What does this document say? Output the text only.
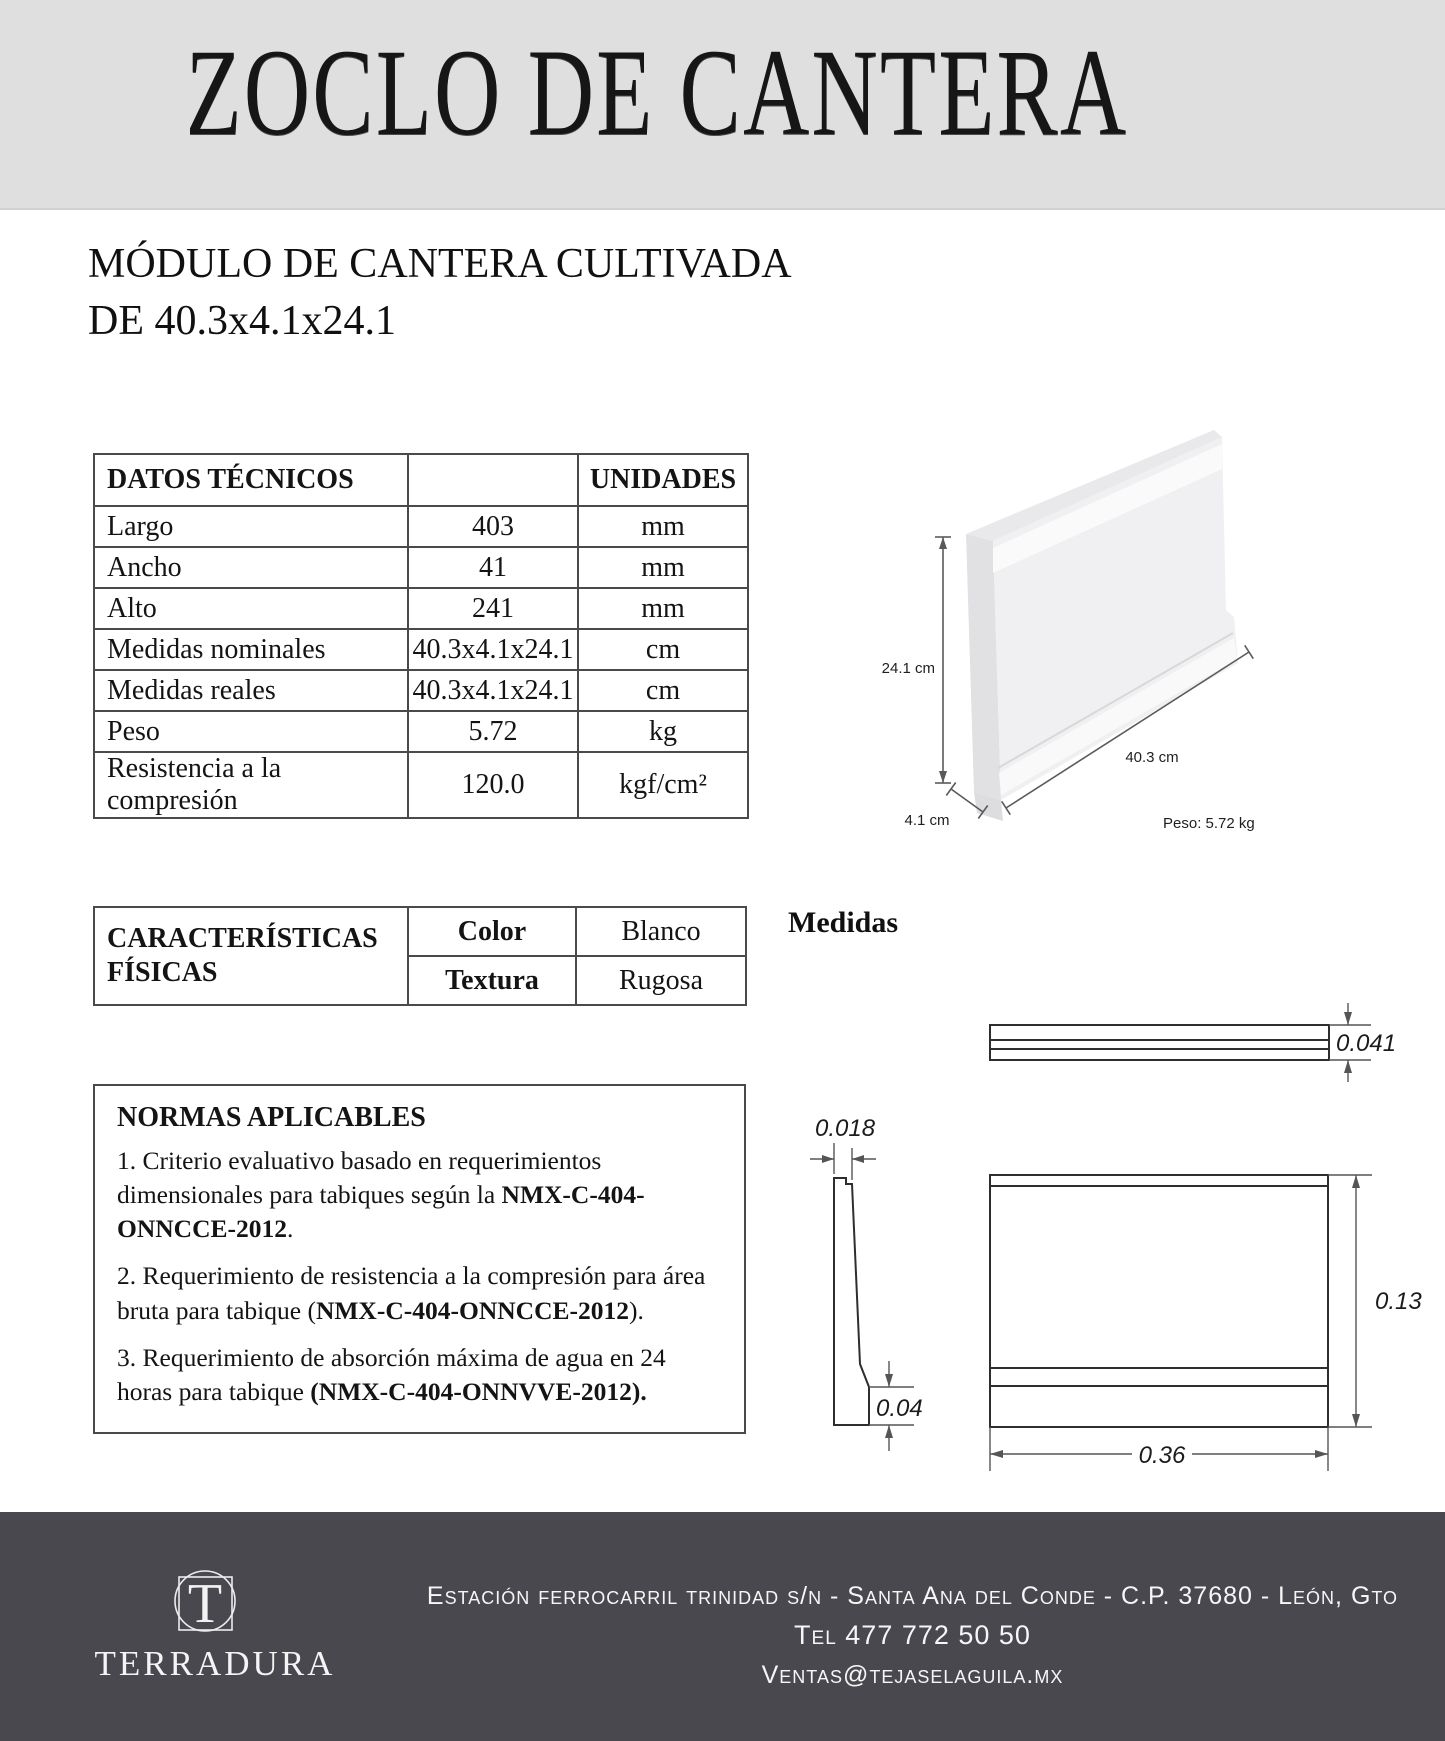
ZOCLO DE CANTERA
MÓDULO DE CANTERA CULTIVADA
DE 40.3x4.1x24.1
DATOS TÉCNICOS		UNIDADES
Largo	403	mm
Ancho	41	mm
Alto	241	mm
Medidas nominales	40.3x4.1x24.1	cm
Medidas reales	40.3x4.1x24.1	cm
Peso	5.72	kg
Resistencia a la compresión	120.0	kgf/cm²
24.1 cm
40.3 cm
4.1 cm	Peso: 5.72 kg
CARACTERÍSTICAS
FÍSICAS	Color	Blanco
	Textura	Rugosa
Medidas
0.041
0.018
0.04
0.13
0.36
NORMAS APLICABLES

1. Criterio evaluativo basado en requerimientos dimensionales para tabiques según la NMX-C-404-ONNCCE-2012.

2. Requerimiento de resistencia a la compresión para área bruta para tabique (NMX-C-404-ONNCCE-2012).

3. Requerimiento de absorción máxima de agua en 24 horas para tabique (NMX-C-404-ONNVVE-2012).

T
TERRADURA
Estación ferrocarril trinidad s/n - Santa Ana del Conde - C.P. 37680 - León, Gto
Tel 477 772 50 50
Ventas@tejaselaguila.mx
